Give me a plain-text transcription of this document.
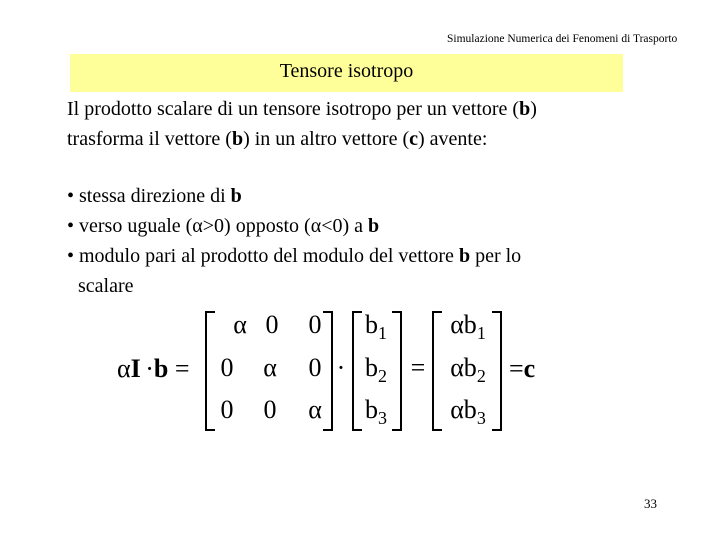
Simulazione Numerica dei Fenomeni di Trasporto
Tensore isotropo
Il prodotto scalare di un tensore isotropo per un vettore (b)
trasforma il vettore (b) in un altro vettore (c) avente:
• stessa direzione di b
• verso uguale (α>0) opposto (α<0) a b
• modulo pari al prodotto del modulo del vettore b per lo
scalare
αI ·b =
α 0	0
0	α	0
0	0	α
·
$b_1$
$b_2$
$b_3$
=
$\alpha b_1$
$\alpha b_2$
$\alpha b_3$
=c
33
